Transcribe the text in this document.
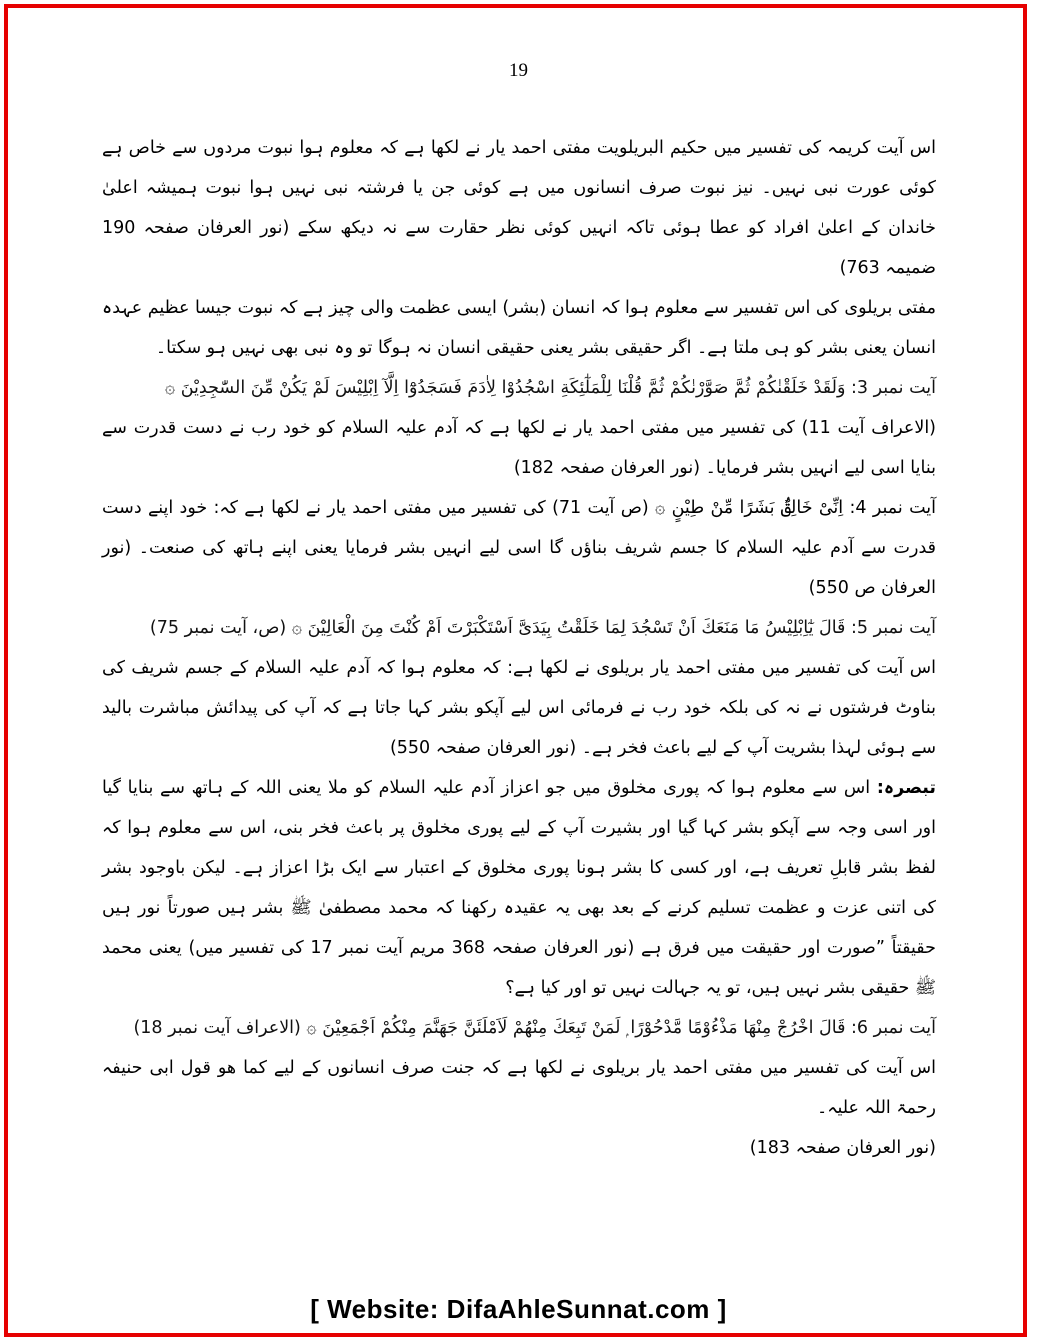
19

اس آیت کریمہ کی تفسیر میں حکیم البریلویت مفتی احمد یار نے لکھا ہے کہ معلوم ہوا نبوت مردوں سے خاص ہے کوئی عورت نبی نہیں۔ نیز نبوت صرف انسانوں میں ہے کوئی جن یا فرشتہ نبی نہیں ہوا نبوت ہمیشہ اعلیٰ خاندان کے اعلیٰ افراد کو عطا ہوئی تاکہ انہیں کوئی نظر حقارت سے نہ دیکھ سکے (نور العرفان صفحہ 190 ضمیمہ 763)

مفتی بریلوی کی اس تفسیر سے معلوم ہوا کہ انسان (بشر) ایسی عظمت والی چیز ہے کہ نبوت جیسا عظیم عہدہ انسان یعنی بشر کو ہی ملتا ہے۔ اگر حقیقی بشر یعنی حقیقی انسان نہ ہوگا تو وہ نبی بھی نہیں ہو سکتا۔

آیت نمبر 3: وَلَقَدْ خَلَقْنٰكُمْ ثُمَّ صَوَّرْنٰكُمْ ثُمَّ قُلْنَا لِلْمَلٰٓئِكَةِ اسْجُدُوْا لِاٰدَمَ فَسَجَدُوْٓا اِلَّآ اِبْلِيْسَ لَمْ يَكُنْ مِّنَ السّٰجِدِيْنَ ۞

(الاعراف آیت 11) کی تفسیر میں مفتی احمد یار نے لکھا ہے کہ آدم علیہ السلام کو خود رب نے دست قدرت سے بنایا اسی لیے انہیں بشر فرمایا۔ (نور العرفان صفحہ 182)

آیت نمبر 4: اِنِّىْ خَالِقٌۢ بَشَرًا مِّنْ طِيْنٍ ۞ (ص آیت 71) کی تفسیر میں مفتی احمد یار نے لکھا ہے کہ: خود اپنے دست قدرت سے آدم علیہ السلام کا جسم شریف بناؤں گا اسی لیے انہیں بشر فرمایا یعنی اپنے ہاتھ کی صنعت۔ (نور العرفان ص 550)

آیت نمبر 5: قَالَ يٰٓاِبْلِيْسُ مَا مَنَعَكَ اَنْ تَسْجُدَ لِمَا خَلَقْتُ بِيَدَىَّ اَسْتَكْبَرْتَ اَمْ كُنْتَ مِنَ الْعَالِيْنَ ۞ (ص، آیت نمبر 75)

اس آیت کی تفسیر میں مفتی احمد یار بریلوی نے لکھا ہے: کہ معلوم ہوا کہ آدم علیہ السلام کے جسم شریف کی بناوٹ فرشتوں نے نہ کی بلکہ خود رب نے فرمائی اس لیے آپکو بشر کہا جاتا ہے کہ آپ کی پیدائش مباشرت بالید سے ہوئی لہذا بشریت آپ کے لیے باعث فخر ہے۔ (نور العرفان صفحہ 550)

تبصرہ: اس سے معلوم ہوا کہ پوری مخلوق میں جو اعزاز آدم علیہ السلام کو ملا یعنی اللہ کے ہاتھ سے بنایا گیا اور اسی وجہ سے آپکو بشر کہا گیا اور بشیرت آپ کے لیے پوری مخلوق پر باعث فخر بنی، اس سے معلوم ہوا کہ لفظ بشر قابلِ تعریف ہے، اور کسی کا بشر ہونا پوری مخلوق کے اعتبار سے ایک بڑا اعزاز ہے۔ لیکن باوجود بشر کی اتنی عزت و عظمت تسلیم کرنے کے بعد بھی یہ عقیدہ رکھنا کہ محمد مصطفیٰ ﷺ بشر ہیں صورتاً نور ہیں حقیقتاً ”صورت اور حقیقت میں فرق ہے (نور العرفان صفحہ 368 مریم آیت نمبر 17 کی تفسیر میں) یعنی محمد ﷺ حقیقی بشر نہیں ہیں، تو یہ جہالت نہیں تو اور کیا ہے؟

آیت نمبر 6: قَالَ اخْرُجْ مِنْهَا مَذْءُوْمًا مَّدْحُوْرًا ۭ لَمَنْ تَبِعَكَ مِنْهُمْ لَاَمْلَئَنَّ جَهَنَّمَ مِنْكُمْ اَجْمَعِيْنَ ۞ (الاعراف آیت نمبر 18)

اس آیت کی تفسیر میں مفتی احمد یار بریلوی نے لکھا ہے کہ جنت صرف انسانوں کے لیے کما ھو قول ابی حنیفہ رحمۃ اللہ علیہ۔

(نور العرفان صفحہ 183)

[ Website: DifaAhleSunnat.com ]
